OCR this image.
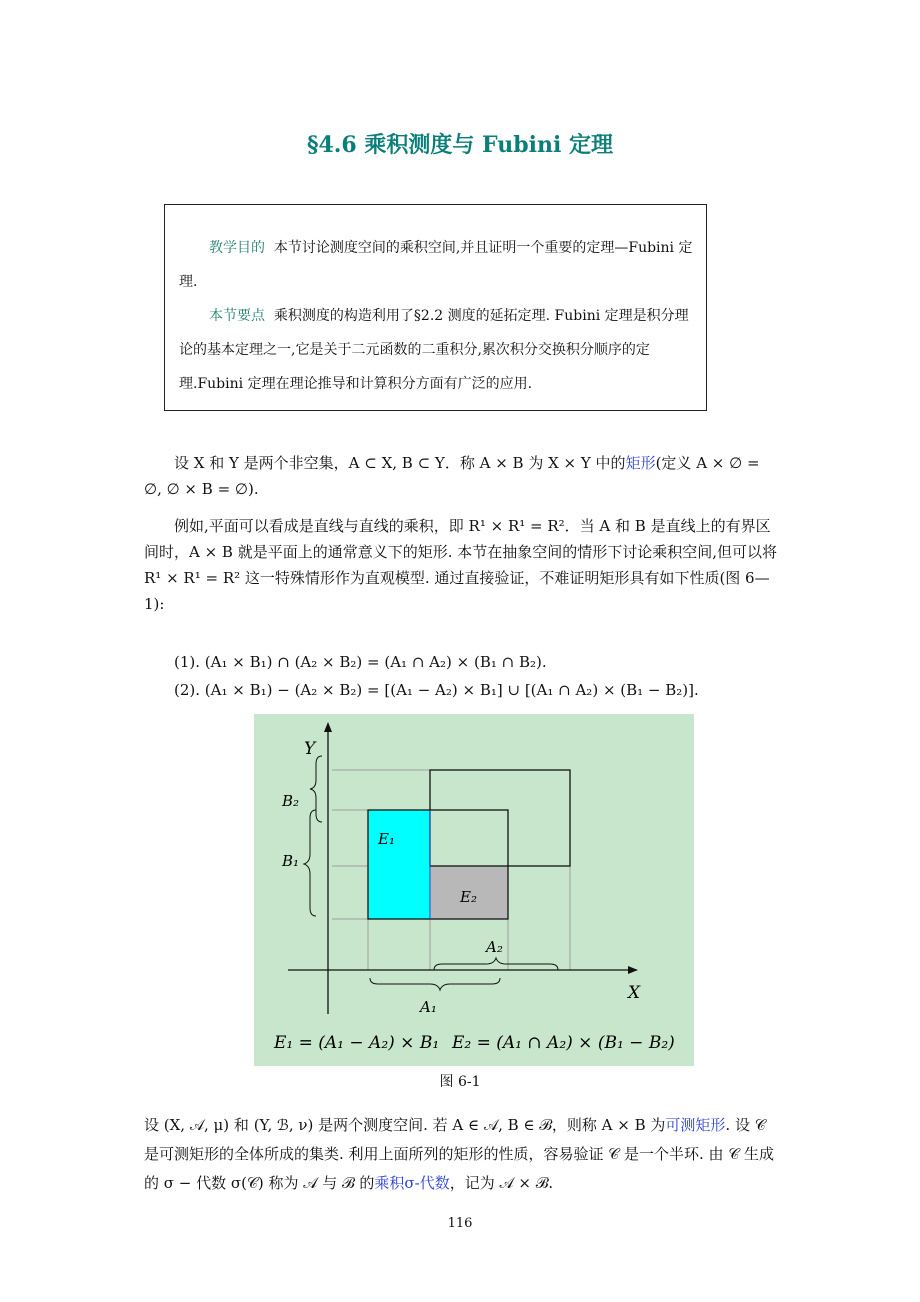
§4.6 乘积测度与 Fubini 定理

教学目的 本节讨论测度空间的乘积空间,并且证明一个重要的定理—Fubini 定理.

本节要点 乘积测度的构造利用了§2.2 测度的延拓定理. Fubini 定理是积分理论的基本定理之一,它是关于二元函数的二重积分,累次积分交换积分顺序的定理.Fubini 定理在理论推导和计算积分方面有广泛的应用.

设 X 和 Y 是两个非空集，A ⊂ X, B ⊂ Y．称 A × B 为 X × Y 中的矩形(定义 A × ∅ = ∅, ∅ × B = ∅).

例如,平面可以看成是直线与直线的乘积，即 R¹ × R¹ = R²．当 A 和 B 是直线上的有界区间时，A × B 就是平面上的通常意义下的矩形. 本节在抽象空间的情形下讨论乘积空间,但可以将 R¹ × R¹ = R² 这一特殊情形作为直观模型. 通过直接验证，不难证明矩形具有如下性质(图 6—1):

(1). (A₁ × B₁) ∩ (A₂ × B₂) = (A₁ ∩ A₂) × (B₁ ∩ B₂).

(2). (A₁ × B₁) − (A₂ × B₂) = [(A₁ − A₂) × B₁] ∪ [(A₁ ∩ A₂) × (B₁ − B₂)].

Y
X
B₂
B₁
E₁
E₂
A₂
A₁
E₁ = (A₁ − A₂) × B₁ E₂ = (A₁ ∩ A₂) × (B₁ − B₂)
图 6-1

设 (X, 𝒜, μ) 和 (Y, ℬ, ν) 是两个测度空间. 若 A ∈ 𝒜, B ∈ ℬ，则称 A × B 为可测矩形. 设 𝒞 是可测矩形的全体所成的集类. 利用上面所列的矩形的性质，容易验证 𝒞 是一个半环. 由 𝒞 生成的 σ − 代数 σ(𝒞) 称为 𝒜 与 ℬ 的乘积σ-代数，记为 𝒜 × ℬ.

116
